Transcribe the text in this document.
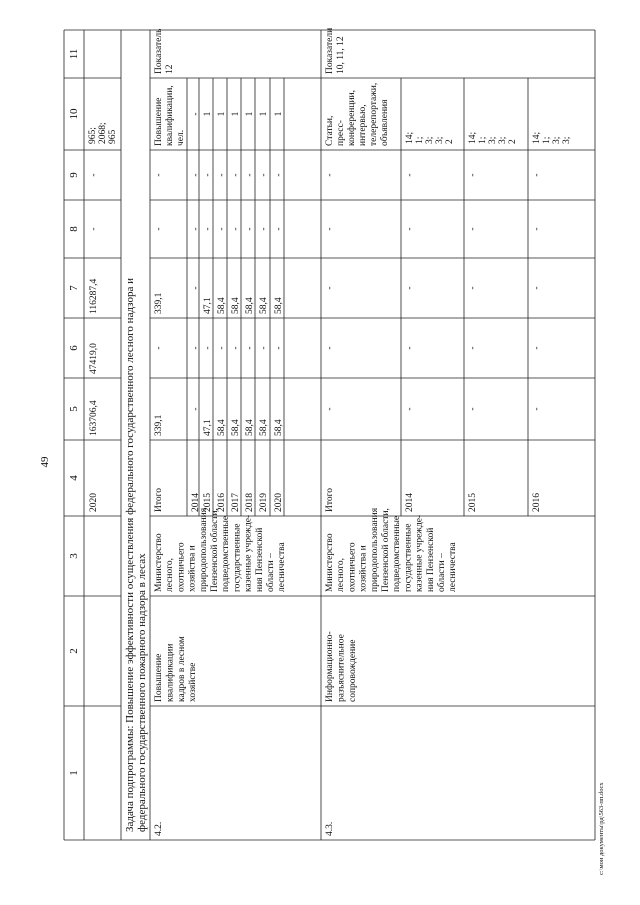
1
2
3
4
5
6
7
8
9
10
11
2020
163706,4
47419,0
116287,4
-
-
965; 2068; 965
Задача подпрограммы: Повышение эффективности осуществления федерального государственного лесного надзора и федерального государственного пожарного надзора в лесах 4.2.
Повышение квалификации кадров в лесном хозяйстве
Министерство лесного, охотничьего хозяйства и природопользования Пензенской области, подведомственные государственные казенные учрежде- ния Пензенской области – лесничества
Повышение квалификации, чел.
Показатель 12
Итого
339,1
-
339,1
-
-
2014
-
-
-
-
-
-
2015
47,1
-
47,1
-
-
1
2016
58,4
-
58,4
-
-
1
2017
58,4
-
58,4
-
-
1
2018
58,4
-
58,4
-
-
1
2019
58,4
-
58,4
-
-
1
2020
58,4
-
58,4
-
-
1
4.3.
Информационно- разъяснительное сопровождение
Министерство лесного, охотничьего хозяйства и природопользования Пензенской области, подведомственные государственные казенные учрежде- ния Пензенской области – лесничества
Статьи, пресс- конференции, интервью, телерепортажи, объявления
Показатели 10, 11, 12
Итого
-
-
-
-
-
2014
-
-
-
-
-
14; 1; 3; 3; 2
2015
-
-
-
-
-
14; 1; 3; 3; 2
2016
-
-
-
-
-
14; 1; 3; 3;
49
c:\мои документы\рд\563-пп.docx
